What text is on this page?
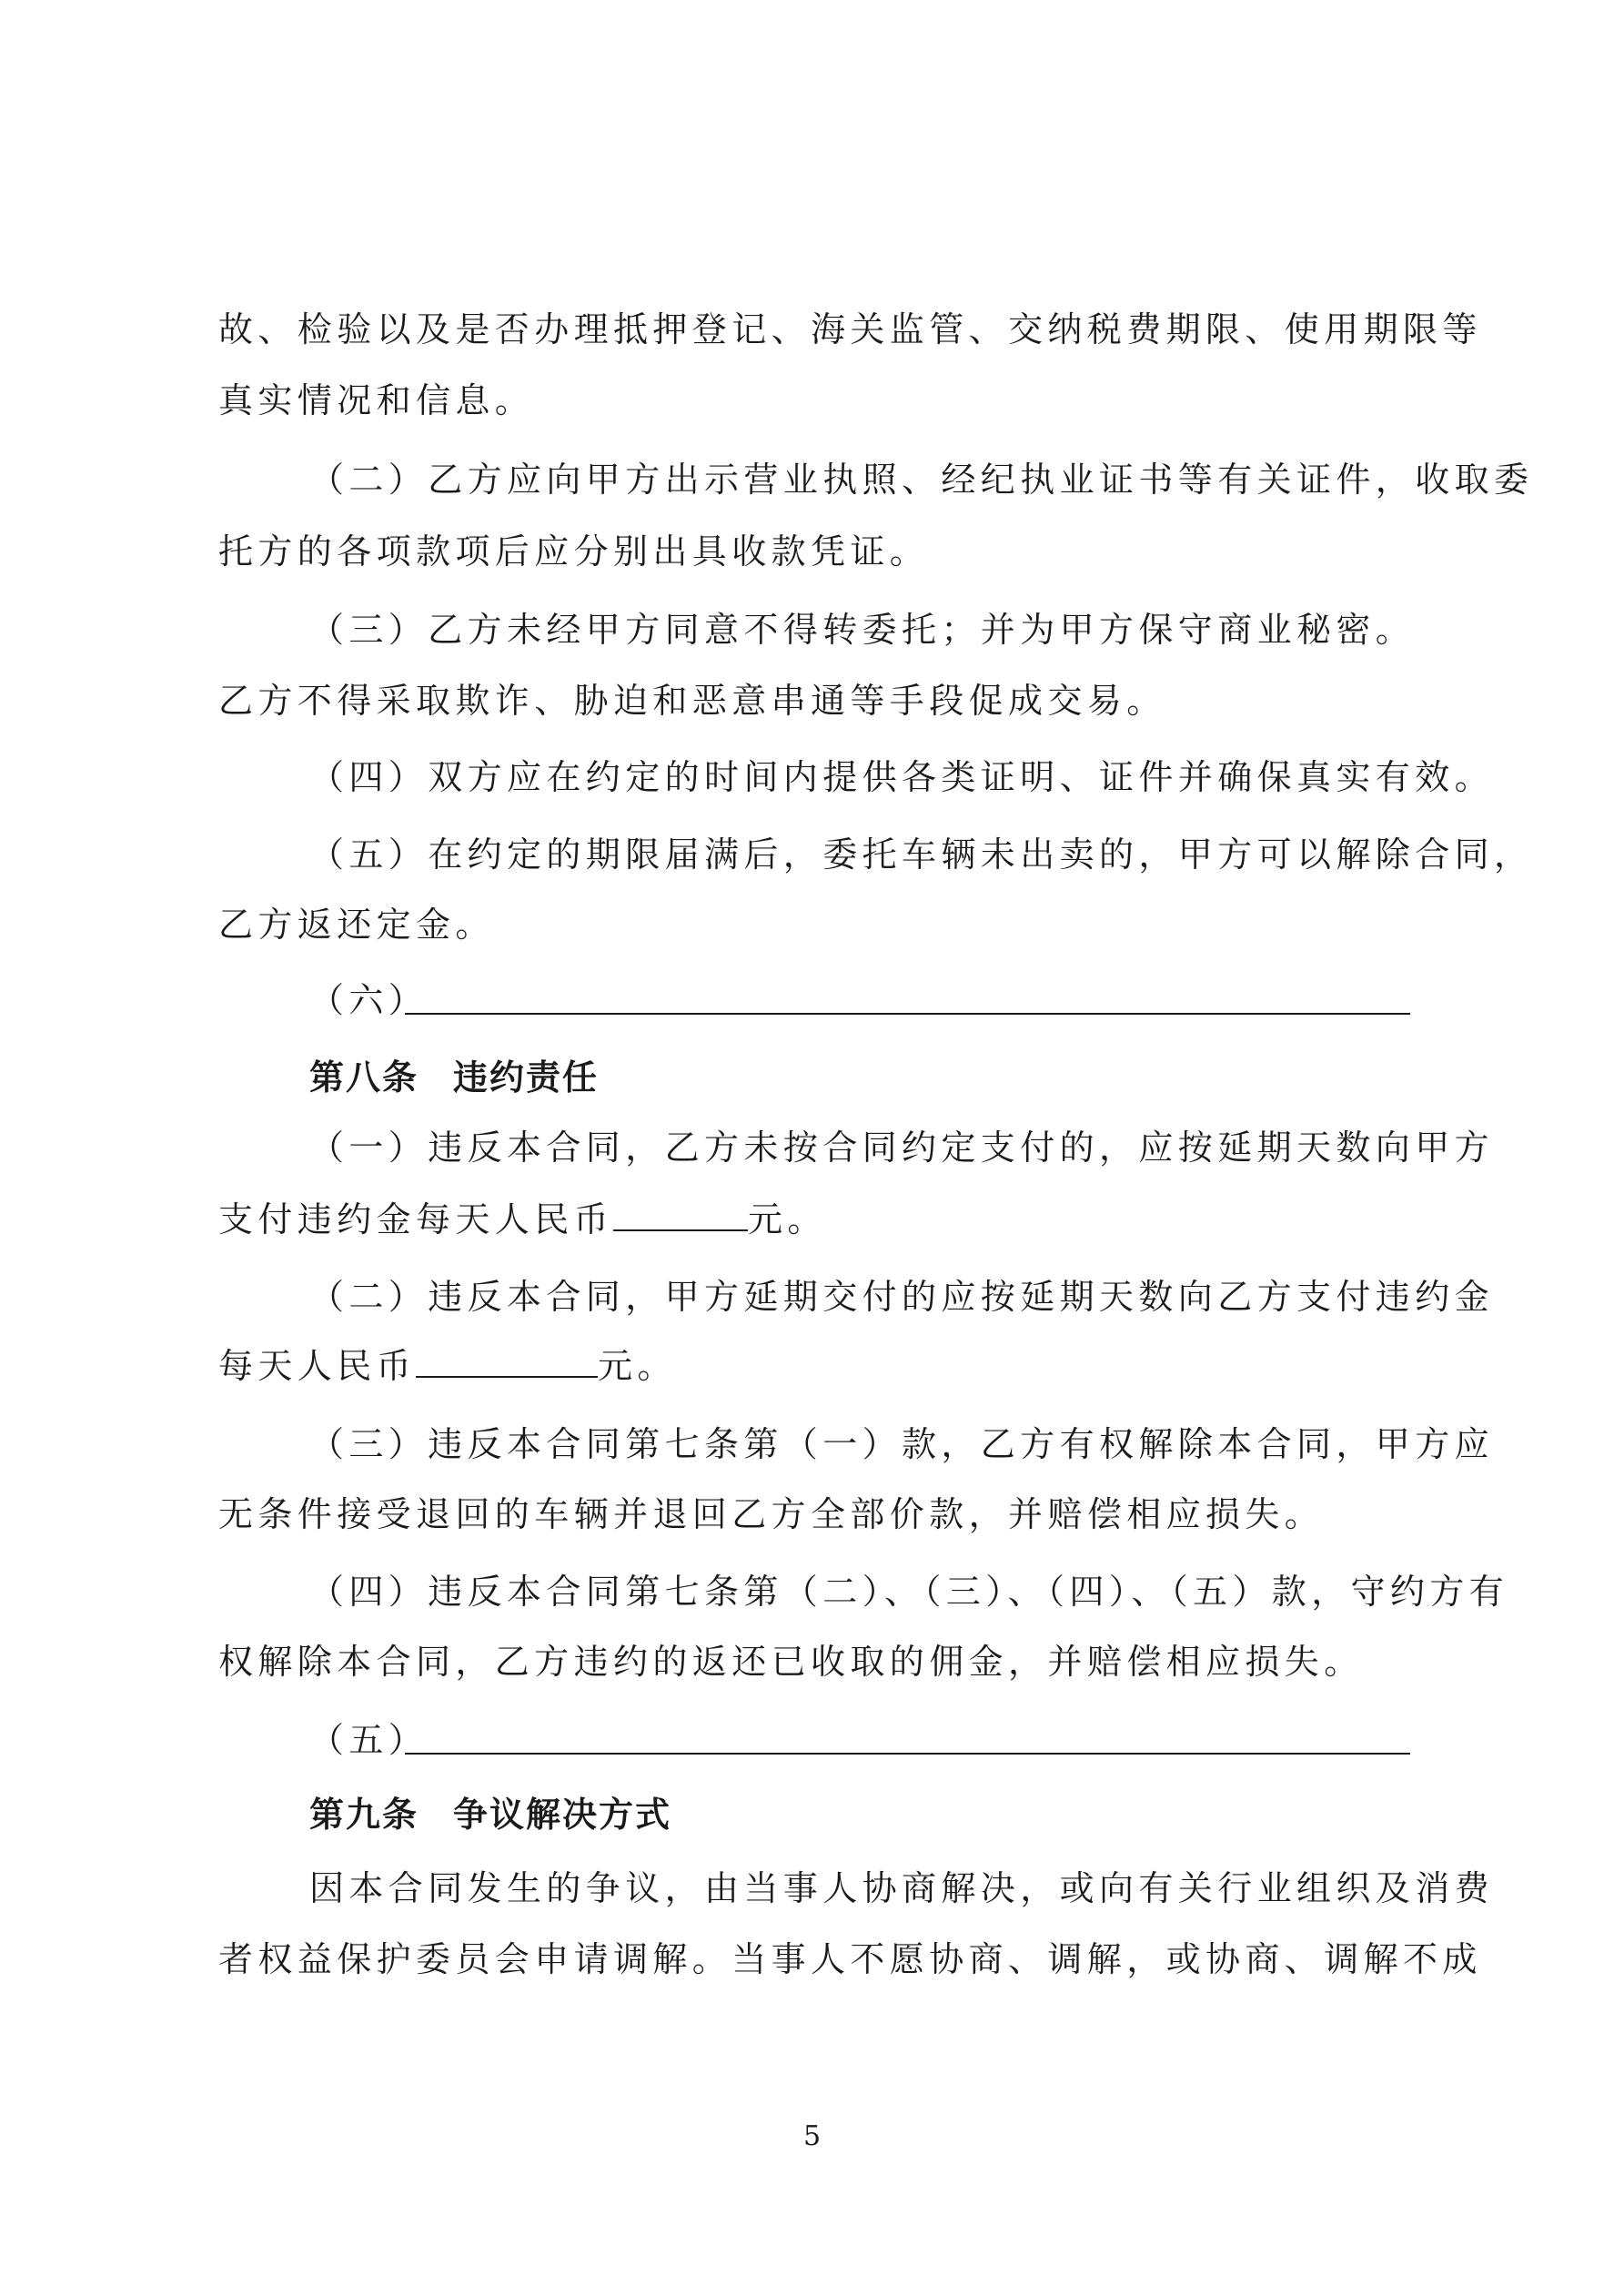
故、检验以及是否办理抵押登记、海关监管、交纳税费期限、使用期限等
真实情况和信息。
（二）乙方应向甲方出示营业执照、经纪执业证书等有关证件，收取委
托方的各项款项后应分别出具收款凭证。
（三）乙方未经甲方同意不得转委托；并为甲方保守商业秘密。
乙方不得采取欺诈、胁迫和恶意串通等手段促成交易。
（四）双方应在约定的时间内提供各类证明、证件并确保真实有效。
（五）在约定的期限届满后，委托车辆未出卖的，甲方可以解除合同，
乙方返还定金。
（六）
第八条 违约责任
（一）违反本合同，乙方未按合同约定支付的，应按延期天数向甲方
支付违约金每天人民币	元。
（二）违反本合同，甲方延期交付的应按延期天数向乙方支付违约金
每天人民币	元。
（三）违反本合同第七条第（一）款，乙方有权解除本合同，甲方应
无条件接受退回的车辆并退回乙方全部价款，并赔偿相应损失。
（四）违反本合同第七条第（二）、（三）、（四）、（五）款，守约方有
权解除本合同，乙方违约的返还已收取的佣金，并赔偿相应损失。
（五）
第九条 争议解决方式
因本合同发生的争议，由当事人协商解决，或向有关行业组织及消费
者权益保护委员会申请调解。当事人不愿协商、调解，或协商、调解不成
5
